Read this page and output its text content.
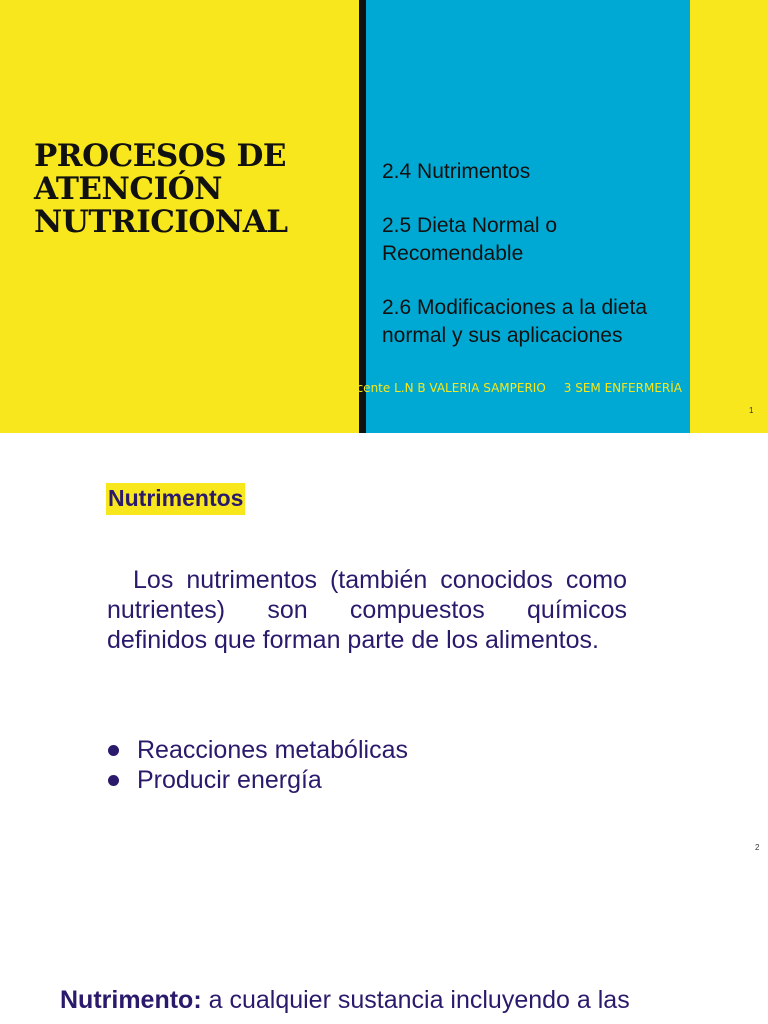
PROCESOS DE
ATENCIÓN
NUTRICIONAL

2.4 Nutrimentos

2.5 Dieta Normal o Recomendable

2.6 Modificaciones a la dieta normal y sus aplicaciones

Docente L.N B VALERIA SAMPERIO 3 SEM ENFERMERÍA
1
Nutrimentos

Los nutrimentos (también conocidos como nutrientes) son compuestos químicos definidos que forman parte de los alimentos.

Reacciones metabólicas
Producir energía
2

Nutrimento: a cualquier sustancia incluyendo a las
